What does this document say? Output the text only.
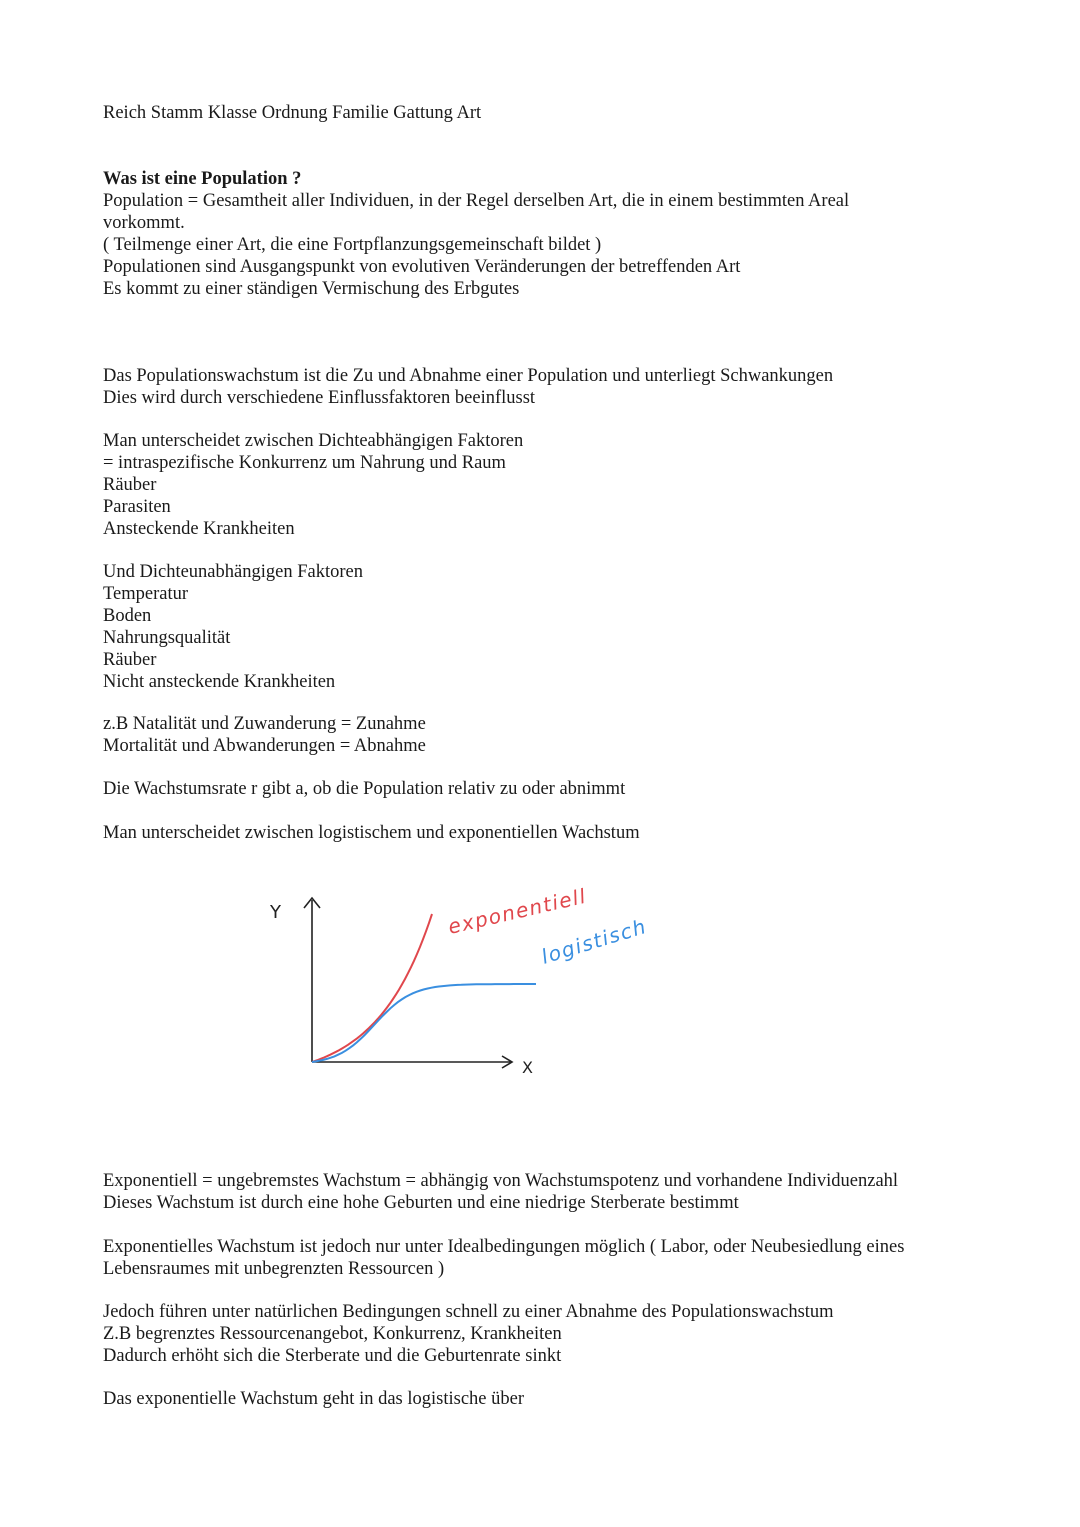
Reich Stamm Klasse Ordnung Familie Gattung Art

Was ist eine Population ?

Population = Gesamtheit aller Individuen, in der Regel derselben Art, die in einem bestimmten Areal

vorkommt.

( Teilmenge einer Art, die eine Fortpflanzungsgemeinschaft bildet )

Populationen sind Ausgangspunkt von evolutiven Veränderungen der betreffenden Art

Es kommt zu einer ständigen Vermischung des Erbgutes

Das Populationswachstum ist die Zu und Abnahme einer Population und unterliegt Schwankungen

Dies wird durch verschiedene Einflussfaktoren beeinflusst

Man unterscheidet zwischen Dichteabhängigen Faktoren

= intraspezifische Konkurrenz um Nahrung und Raum

Räuber

Parasiten

Ansteckende Krankheiten

Und Dichteunabhängigen Faktoren

Temperatur

Boden

Nahrungsqualität

Räuber

Nicht ansteckende Krankheiten

z.B Natalität und Zuwanderung = Zunahme

Mortalität und Abwanderungen = Abnahme

Die Wachstumsrate r gibt a, ob die Population relativ zu oder abnimmt

Man unterscheidet zwischen logistischem und exponentiellen Wachstum

Y
X
exponentiell
logistisch

Exponentiell = ungebremstes Wachstum = abhängig von Wachstumspotenz und vorhandene Individuenzahl

Dieses Wachstum ist durch eine hohe Geburten und eine niedrige Sterberate bestimmt

Exponentielles Wachstum ist jedoch nur unter Idealbedingungen möglich ( Labor, oder Neubesiedlung eines

Lebensraumes mit unbegrenzten Ressourcen )

Jedoch führen unter natürlichen Bedingungen schnell zu einer Abnahme des Populationswachstum

Z.B begrenztes Ressourcenangebot, Konkurrenz, Krankheiten

Dadurch erhöht sich die Sterberate und die Geburtenrate sinkt

Das exponentielle Wachstum geht in das logistische über
